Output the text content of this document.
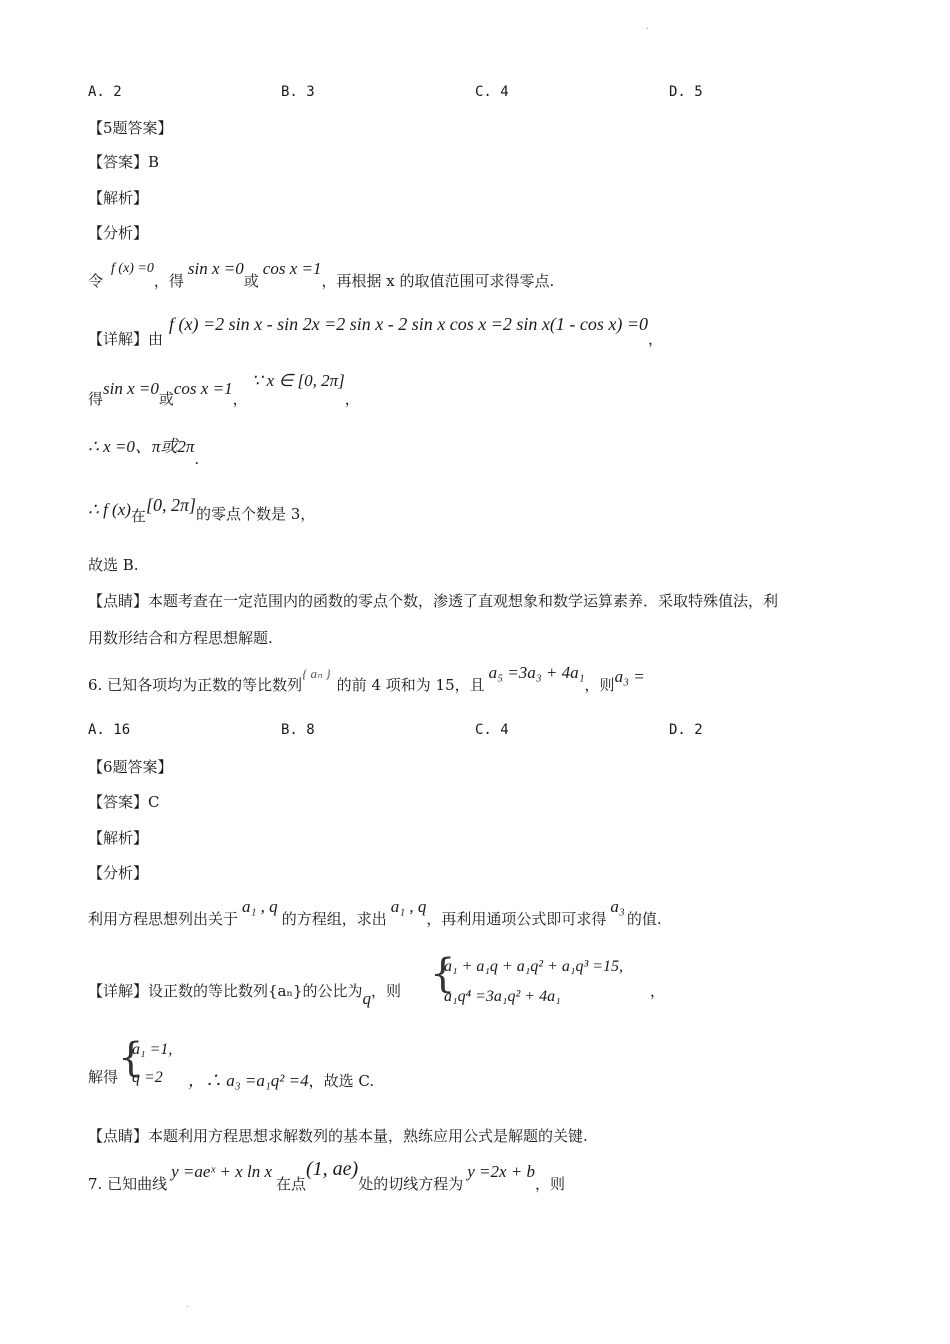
.
A. 2	B. 3	C. 4	D. 5
【5题答案】
【答案】B
【解析】
【分析】
令f (x) =0，得sin x =0或cos x =1，再根据 x 的取值范围可求得零点.
【详解】由f (x) =2 sin x - sin 2x =2 sin x - 2 sin x cos x =2 sin x(1 - cos x) =0，
得sin x =0或cos x =1，∵ x ∈ [0, 2π]，
∴ x =0、π或2π.
∴ f (x)在[0, 2π]的零点个数是 3，
故选 B.
【点睛】本题考查在一定范围内的函数的零点个数，渗透了直观想象和数学运算素养．采取特殊值法，利
用数形结合和方程思想解题.
6. 已知各项均为正数的等比数列{ aₙ }的前 4 项和为 15，且a₅ =3a₃ + 4a₁，则a₃ =
A. 16	B. 8	C. 4	D. 2
【6题答案】
【答案】C
【解析】
【分析】
利用方程思想列出关于a₁ , q的方程组，求出a₁ , q，再利用通项公式即可求得a₃的值.
【详解】设正数的等比数列{aₙ}的公比为q，则 {
a₁ + a₁q + a₁q² + a₁q³ =15,
a₁q⁴ =3a₁q² + 4a₁	，
解得 {
a₁ =1,
q =2 ，∴ a₃ =a₁q² =4，故选 C.
【点睛】本题利用方程思想求解数列的基本量，熟练应用公式是解题的关键.
7. 已知曲线y =aeˣ + x ln x在点(1, ae)处的切线方程为y =2x + b，则
.
